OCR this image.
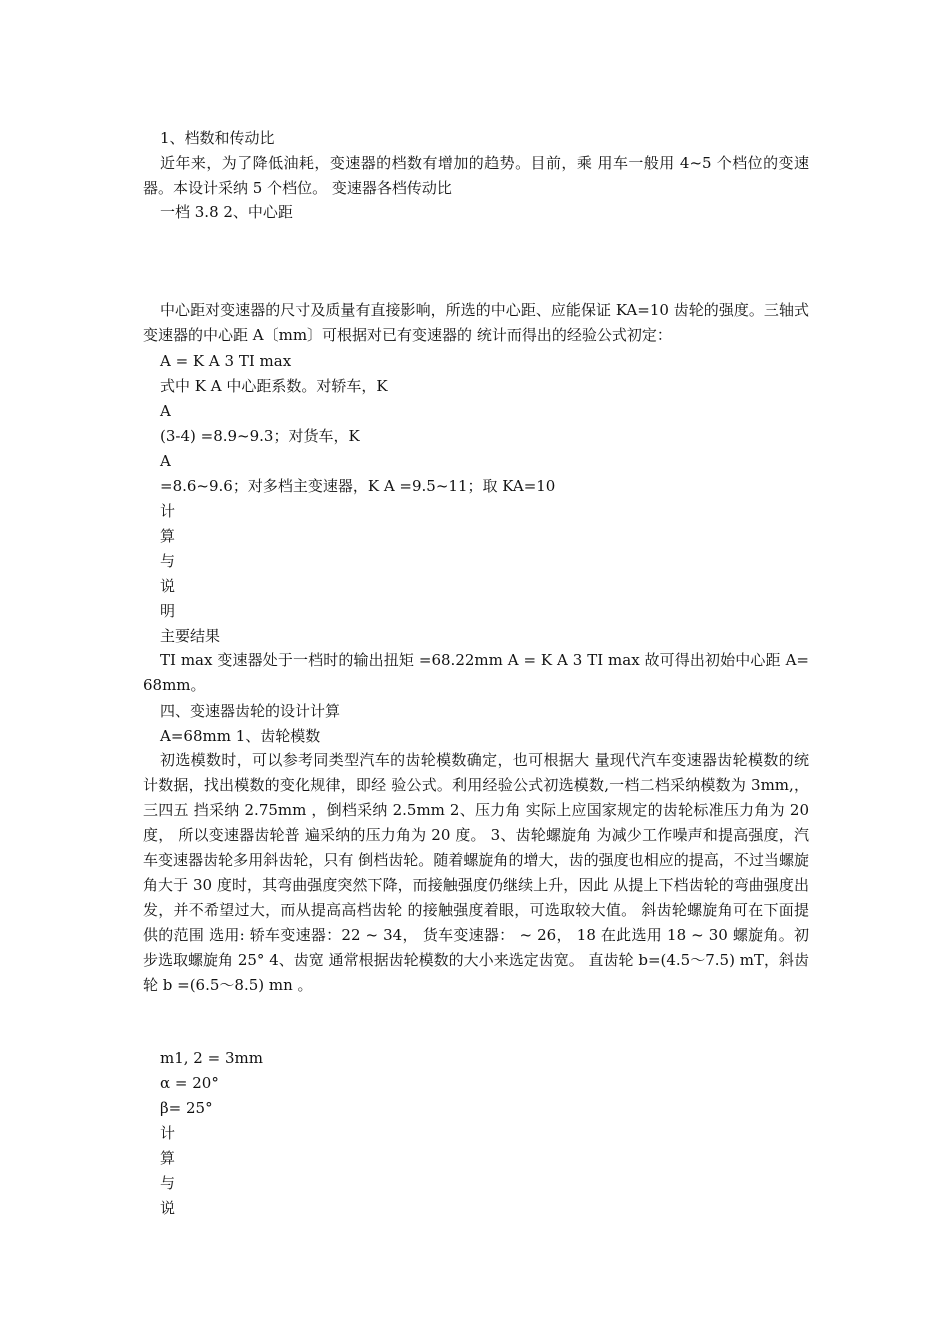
1、档数和传动比
近年来，为了降低油耗，变速器的档数有增加的趋势。目前，乘 用车一般用 4~5 个档位的变速器。本设计采纳 5 个档位。 变速器各档传动比
一档 3.8 2、中心距
中心距对变速器的尺寸及质量有直接影响，所选的中心距、应能保证 KA=10 齿轮的强度。三轴式变速器的中心距 A〔mm〕可根据对已有变速器的 统计而得出的经验公式初定：
A = K A 3 TI max
式中 K A 中心距系数。对轿车，K
A
(3-4) =8.9~9.3；对货车，K
A
=8.6~9.6；对多档主变速器，K A =9.5~11；取 KA=10
计
算
与
说
明
主要结果
TI max 变速器处于一档时的输出扭矩 =68.22mm A = K A 3 TI max 故可得出初始中心距 A=68mm。
四、变速器齿轮的设计计算
A=68mm 1、齿轮模数
初选模数时，可以参考同类型汽车的齿轮模数确定，也可根据大 量现代汽车变速器齿轮模数的统计数据，找出模数的变化规律，即经 验公式。利用经验公式初选模数,一档二档采纳模数为 3mm,，三四五 挡采纳 2.75mm ，倒档采纳 2.5mm 2、压力角 实际上应国家规定的齿轮标准压力角为 20 度， 所以变速器齿轮普 遍采纳的压力角为 20 度。 3、齿轮螺旋角 为减少工作噪声和提高强度，汽车变速器齿轮多用斜齿轮，只有 倒档齿轮。随着螺旋角的增大，齿的强度也相应的提高，不过当螺旋 角大于 30 度时，其弯曲强度突然下降，而接触强度仍继续上升，因此 从提上下档齿轮的弯曲强度出发，并不希望过大，而从提高高档齿轮 的接触强度着眼，可选取较大值。 斜齿轮螺旋角可在下面提供的范围 选用: 轿车变速器：22 ~ 34， 货车变速器： ~ 26， 18 在此选用 18 ~ 30 螺旋角。初步选取螺旋角 25° 4、齿宽 通常根据齿轮模数的大小来选定齿宽。 直齿轮 b=(4.5～7.5) mT，斜齿轮 b =(6.5～8.5) mn 。
m1, 2 = 3mm
α = 20°
β= 25°
计
算
与
说
